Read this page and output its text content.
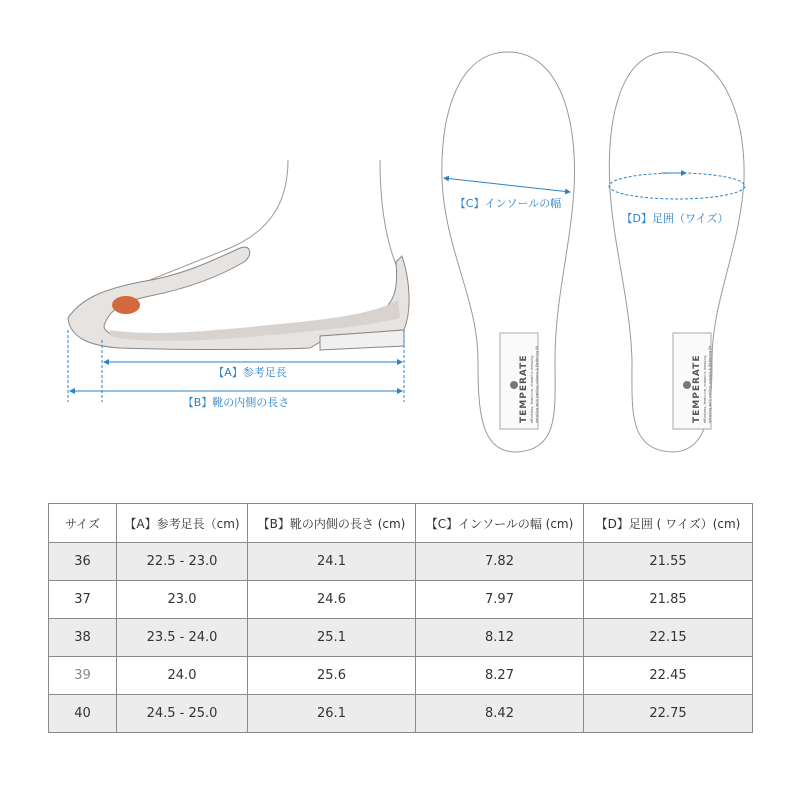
【A】参考足長
【B】靴の内側の長さ
【C】インソールの幅
TEMPERATE effortless, feminine, romantic dressing detailing with smiling colours & flattering fit.
【D】足囲（ワイズ）
TEMPERATE effortless, feminine, romantic dressing detailing with smiling colours & flattering fit.
サイズ	【A】参考足長（cm)	【B】靴の内側の長さ (cm)	【C】インソールの幅 (cm)	【D】足囲 ( ワイズ）(cm)
36	22.5 - 23.0	24.1	7.82	21.55
37	23.0	24.6	7.97	21.85
38	23.5 - 24.0	25.1	8.12	22.15
39	24.0	25.6	8.27	22.45
40	24.5 - 25.0	26.1	8.42	22.75
